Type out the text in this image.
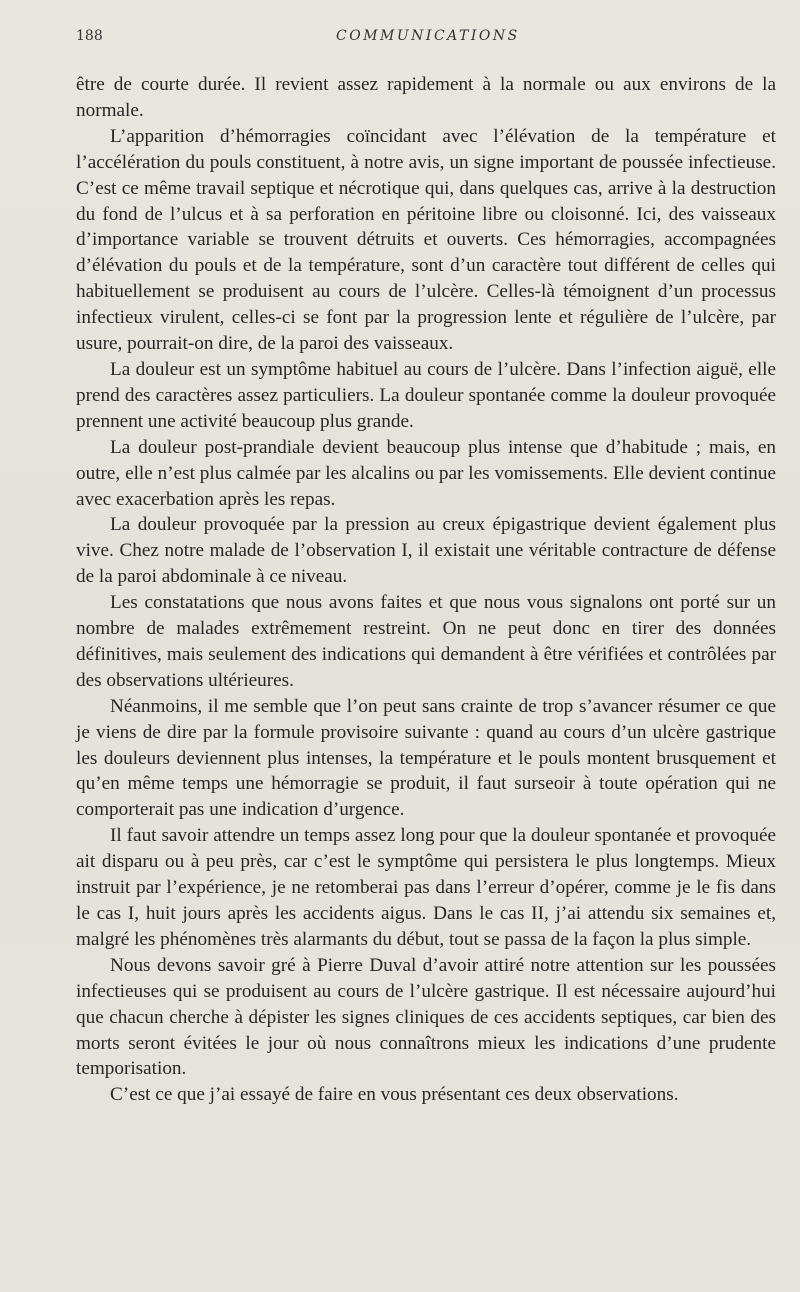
188	COMMUNICATIONS

être de courte durée. Il revient assez rapidement à la normale ou aux environs de la normale.

L’apparition d’hémorragies coïncidant avec l’élévation de la température et l’accélération du pouls constituent, à notre avis, un signe important de poussée infectieuse. C’est ce même travail septique et nécrotique qui, dans quelques cas, arrive à la destruction du fond de l’ulcus et à sa perforation en péritoine libre ou cloisonné. Ici, des vaisseaux d’importance variable se trouvent détruits et ouverts. Ces hémorragies, accompagnées d’élévation du pouls et de la température, sont d’un caractère tout différent de celles qui habituellement se produisent au cours de l’ulcère. Celles-là témoignent d’un processus infectieux virulent, celles-ci se font par la progression lente et régulière de l’ulcère, par usure, pourrait-on dire, de la paroi des vaisseaux.

La douleur est un symptôme habituel au cours de l’ulcère. Dans l’infection aiguë, elle prend des caractères assez particuliers. La douleur spontanée comme la douleur provoquée prennent une activité beaucoup plus grande.

La douleur post-prandiale devient beaucoup plus intense que d’habitude ; mais, en outre, elle n’est plus calmée par les alcalins ou par les vomissements. Elle devient continue avec exacerbation après les repas.

La douleur provoquée par la pression au creux épigastrique devient également plus vive. Chez notre malade de l’observation I, il existait une véritable contracture de défense de la paroi abdominale à ce niveau.

Les constatations que nous avons faites et que nous vous signalons ont porté sur un nombre de malades extrêmement restreint. On ne peut donc en tirer des données définitives, mais seulement des indications qui demandent à être vérifiées et contrôlées par des observations ultérieures.

Néanmoins, il me semble que l’on peut sans crainte de trop s’avancer résumer ce que je viens de dire par la formule provisoire suivante : quand au cours d’un ulcère gastrique les douleurs deviennent plus intenses, la température et le pouls montent brusquement et qu’en même temps une hémorragie se produit, il faut surseoir à toute opération qui ne comporterait pas une indication d’urgence.

Il faut savoir attendre un temps assez long pour que la douleur spontanée et provoquée ait disparu ou à peu près, car c’est le symptôme qui persistera le plus longtemps. Mieux instruit par l’expérience, je ne retomberai pas dans l’erreur d’opérer, comme je le fis dans le cas I, huit jours après les accidents aigus. Dans le cas II, j’ai attendu six semaines et, malgré les phénomènes très alarmants du début, tout se passa de la façon la plus simple.

Nous devons savoir gré à Pierre Duval d’avoir attiré notre attention sur les poussées infectieuses qui se produisent au cours de l’ulcère gastrique. Il est nécessaire aujourd’hui que chacun cherche à dépister les signes cliniques de ces accidents septiques, car bien des morts seront évitées le jour où nous connaîtrons mieux les indications d’une prudente temporisation.

C’est ce que j’ai essayé de faire en vous présentant ces deux observations.
